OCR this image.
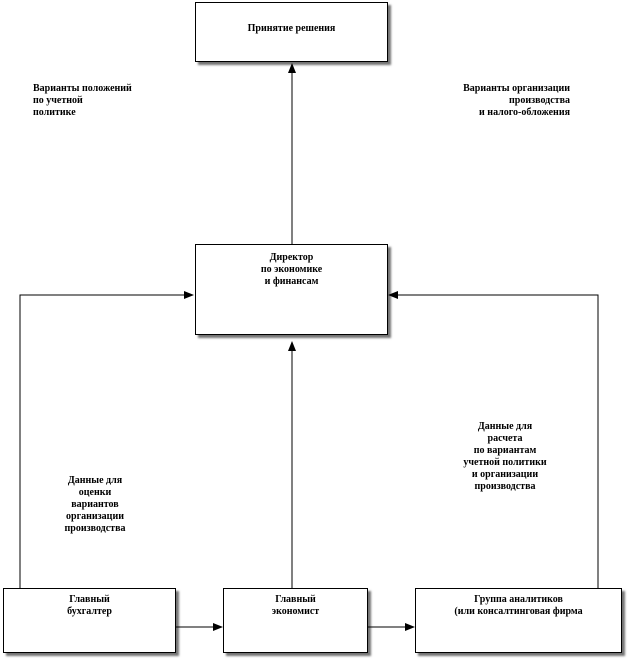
Принятие решения
Директор
по экономике
и финансам
Главный
бухгалтер
Главный
экономист
Группа аналитиков
(или консалтинговая фирма
Варианты положений
по учетной
политике
Варианты организации
производства
и налого-обложения
Данные для
расчета
по вариантам
учетной политики
и организации
производства
Данные для
оценки
вариантов
организации
производства
